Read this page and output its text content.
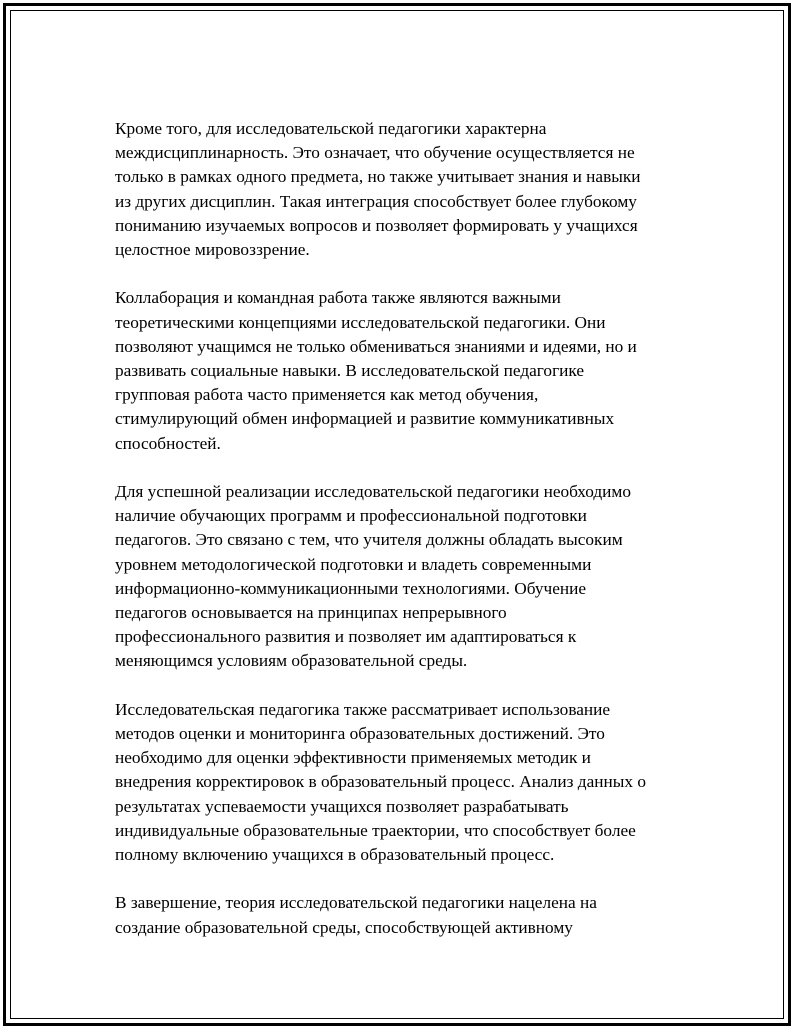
Кроме того, для исследовательской педагогики характерна
междисциплинарность. Это означает, что обучение осуществляется не
только в рамках одного предмета, но также учитывает знания и навыки
из других дисциплин. Такая интеграция способствует более глубокому
пониманию изучаемых вопросов и позволяет формировать у учащихся
целостное мировоззрение.

Коллаборация и командная работа также являются важными
теоретическими концепциями исследовательской педагогики. Они
позволяют учащимся не только обмениваться знаниями и идеями, но и
развивать социальные навыки. В исследовательской педагогике
групповая работа часто применяется как метод обучения,
стимулирующий обмен информацией и развитие коммуникативных
способностей.

Для успешной реализации исследовательской педагогики необходимо
наличие обучающих программ и профессиональной подготовки
педагогов. Это связано с тем, что учителя должны обладать высоким
уровнем методологической подготовки и владеть современными
информационно-коммуникационными технологиями. Обучение
педагогов основывается на принципах непрерывного
профессионального развития и позволяет им адаптироваться к
меняющимся условиям образовательной среды.

Исследовательская педагогика также рассматривает использование
методов оценки и мониторинга образовательных достижений. Это
необходимо для оценки эффективности применяемых методик и
внедрения корректировок в образовательный процесс. Анализ данных о
результатах успеваемости учащихся позволяет разрабатывать
индивидуальные образовательные траектории, что способствует более
полному включению учащихся в образовательный процесс.

В завершение, теория исследовательской педагогики нацелена на
создание образовательной среды, способствующей активному
